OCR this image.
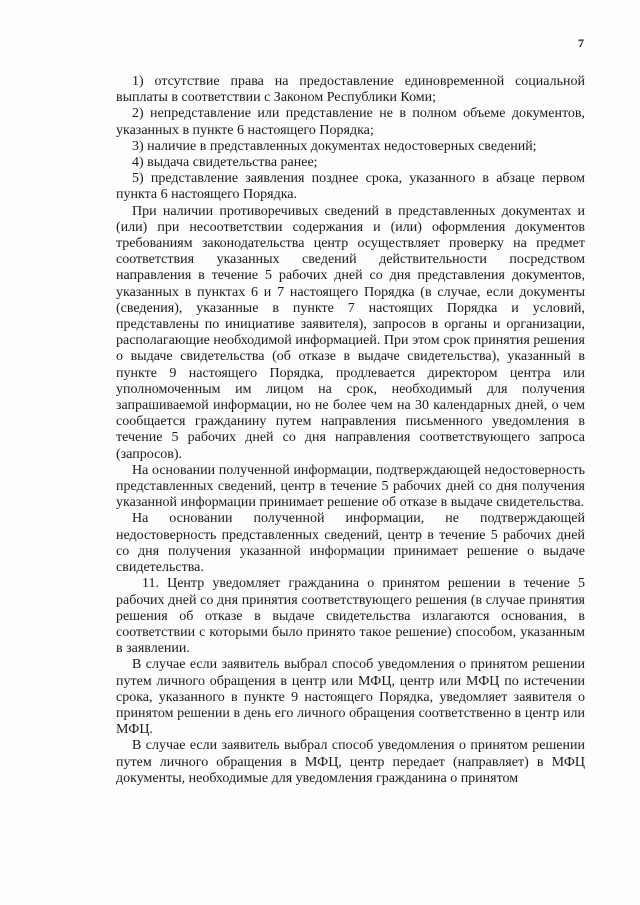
7

1) отсутствие права на предоставление единовременной социальной выплаты в соответствии с Законом Республики Коми;

2) непредставление или представление не в полном объеме документов, указанных в пункте 6 настоящего Порядка;

3) наличие в представленных документах недостоверных сведений;

4) выдача свидетельства ранее;

5) представление заявления позднее срока, указанного в абзаце первом пункта 6 настоящего Порядка.

При наличии противоречивых сведений в представленных документах и (или) при несоответствии содержания и (или) оформления документов требованиям законодательства центр осуществляет проверку на предмет соответствия указанных сведений действительности посредством направления в течение 5 рабочих дней со дня представления документов, указанных в пунктах 6 и 7 настоящего Порядка (в случае, если документы (сведения), указанные в пункте 7 настоящих Порядка и условий, представлены по инициативе заявителя), запросов в органы и организации, располагающие необходимой информацией. При этом срок принятия решения о выдаче свидетельства (об отказе в выдаче свидетельства), указанный в пункте 9 настоящего Порядка, продлевается директором центра или уполномоченным им лицом на срок, необходимый для получения запрашиваемой информации, но не более чем на 30 календарных дней, о чем сообщается гражданину путем направления письменного уведомления в течение 5 рабочих дней со дня направления соответствующего запроса (запросов).

На основании полученной информации, подтверждающей недостоверность представленных сведений, центр в течение 5 рабочих дней со дня получения указанной информации принимает решение об отказе в выдаче свидетельства.

На основании полученной информации, не подтверждающей недостоверность представленных сведений, центр в течение 5 рабочих дней со дня получения указанной информации принимает решение о выдаче свидетельства.

11. Центр уведомляет гражданина о принятом решении в течение 5 рабочих дней со дня принятия соответствующего решения (в случае принятия решения об отказе в выдаче свидетельства излагаются основания, в соответствии с которыми было принято такое решение) способом, указанным в заявлении.

В случае если заявитель выбрал способ уведомления о принятом решении путем личного обращения в центр или МФЦ, центр или МФЦ по истечении срока, указанного в пункте 9 настоящего Порядка, уведомляет заявителя о принятом решении в день его личного обращения соответственно в центр или МФЦ.

В случае если заявитель выбрал способ уведомления о принятом решении путем личного обращения в МФЦ, центр передает (направляет) в МФЦ документы, необходимые для уведомления гражданина о принятом
